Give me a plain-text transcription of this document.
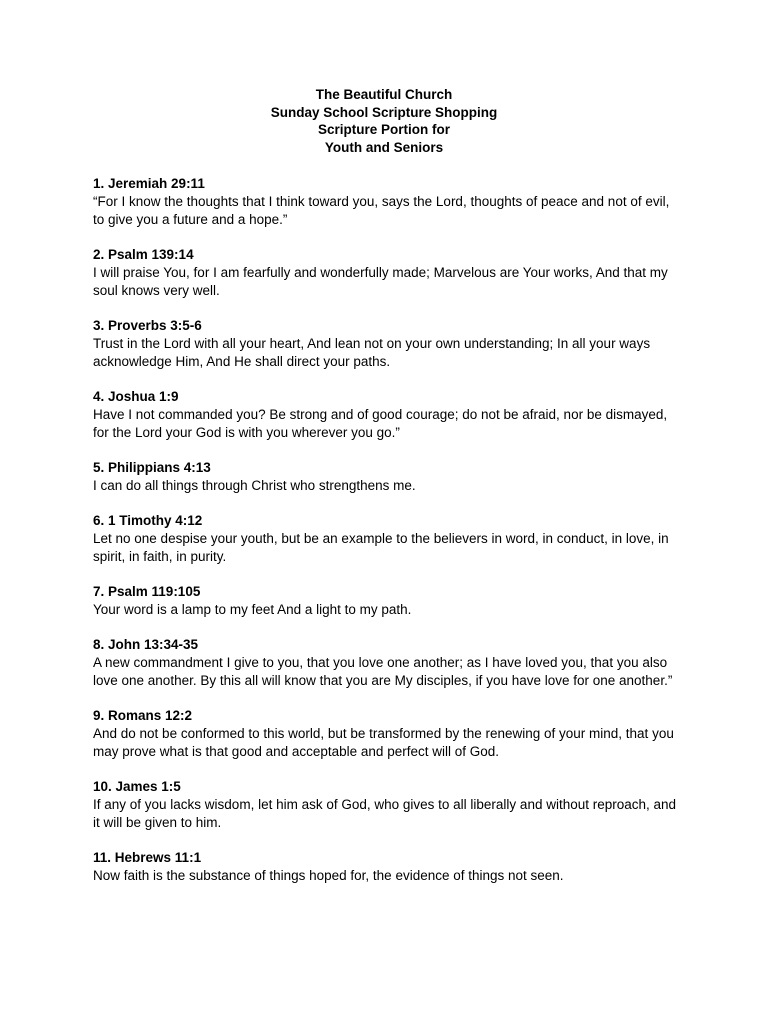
The Beautiful Church
Sunday School Scripture Shopping
Scripture Portion for
Youth and Seniors
1. Jeremiah 29:11
“For I know the thoughts that I think toward you, says the Lord, thoughts of peace and not of evil, to give you a future and a hope.”
2. Psalm 139:14
I will praise You, for I am fearfully and wonderfully made; Marvelous are Your works, And that my soul knows very well.
3. Proverbs 3:5-6
Trust in the Lord with all your heart, And lean not on your own understanding; In all your ways acknowledge Him, And He shall direct your paths.
4. Joshua 1:9
Have I not commanded you? Be strong and of good courage; do not be afraid, nor be dismayed, for the Lord your God is with you wherever you go.”
5. Philippians 4:13
I can do all things through Christ who strengthens me.
6. 1 Timothy 4:12
Let no one despise your youth, but be an example to the believers in word, in conduct, in love, in spirit, in faith, in purity.
7. Psalm 119:105
Your word is a lamp to my feet And a light to my path.
8. John 13:34-35
A new commandment I give to you, that you love one another; as I have loved you, that you also love one another. By this all will know that you are My disciples, if you have love for one another.”
9. Romans 12:2
And do not be conformed to this world, but be transformed by the renewing of your mind, that you may prove what is that good and acceptable and perfect will of God.
10. James 1:5
If any of you lacks wisdom, let him ask of God, who gives to all liberally and without reproach, and it will be given to him.
11. Hebrews 11:1
Now faith is the substance of things hoped for, the evidence of things not seen.
